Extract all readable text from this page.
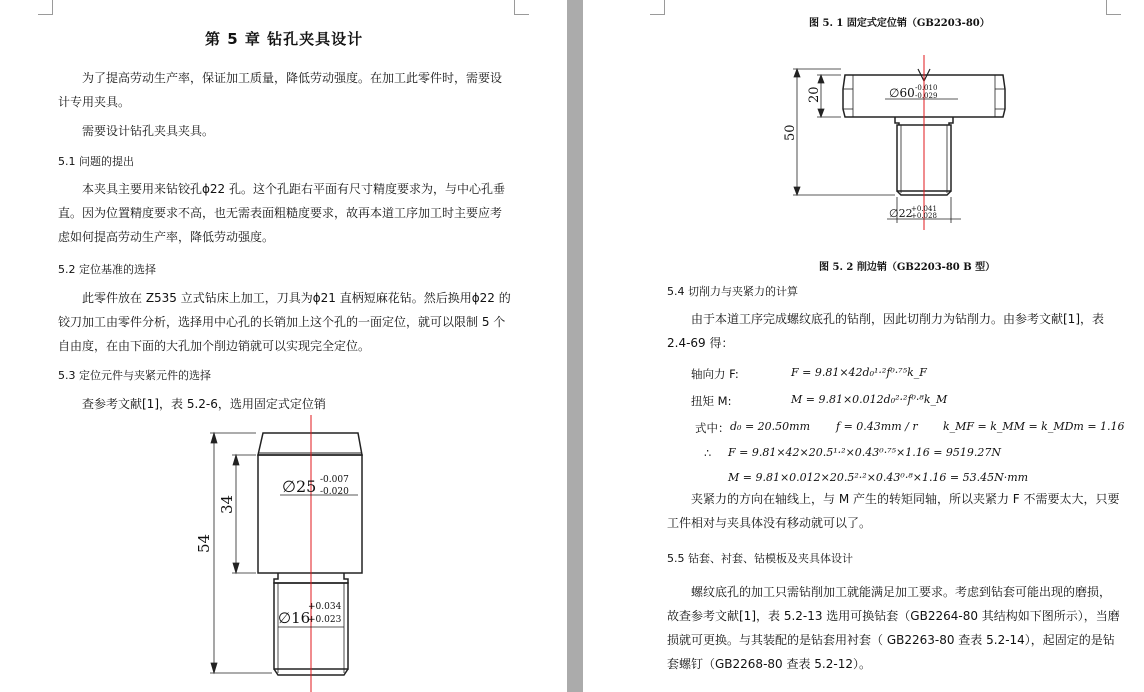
第 5 章 钻孔夹具设计
为了提高劳动生产率，保证加工质量，降低劳动强度。在加工此零件时，需要设计专用夹具。
需要设计钻孔夹具夹具。
5.1 问题的提出
本夹具主要用来钻铰孔ϕ22 孔。这个孔距右平面有尺寸精度要求为，与中心孔垂直。因为位置精度要求不高，也无需表面粗糙度要求，故再本道工序加工时主要应考虑如何提高劳动生产率，降低劳动强度。
5.2 定位基准的选择
此零件放在 Z535 立式钻床上加工，刀具为ϕ21 直柄短麻花钻。然后换用ϕ22 的铰刀加工由零件分析，选择用中心孔的长销加上这个孔的一面定位，就可以限制 5 个自由度，在由下面的大孔加个削边销就可以实现完全定位。
5.3 定位元件与夹紧元件的选择
查参考文献[1]，表 5.2-6，选用固定式定位销
54
34
∅25 -0.007
-0.020
∅16
+0.034
+0.023
图 5. 1 固定式定位销（GB2203-80）
50
20	∅60 -0.010
-0.029
∅22
+0.041
+0.028
图 5. 2 削边销（GB2203-80 B 型）
5.4 切削力与夹紧力的计算
由于本道工序完成螺纹底孔的钻削，因此切削力为钻削力。由参考文献[1]，表 2.4-69 得：
轴向力 F:	F = 9.81×42d₀¹·²f⁰·⁷⁵k_F
扭矩 M:	M = 9.81×0.012d₀²·²f⁰·⁸k_M
式中： d₀ = 20.50mm f = 0.43mm / r k_MF = k_MM = k_MDm = 1.16
∴ F = 9.81×42×20.5¹·²×0.43⁰·⁷⁵×1.16 = 9519.27N
M = 9.81×0.012×20.5²·²×0.43⁰·⁸×1.16 = 53.45N·mm
夹紧力的方向在轴线上，与 M 产生的转矩同轴，所以夹紧力 F 不需要太大，只要工件相对与夹具体没有移动就可以了。
5.5 钻套、衬套、钻模板及夹具体设计
螺纹底孔的加工只需钻削加工就能满足加工要求。考虑到钻套可能出现的磨损，故查参考文献[1]，表 5.2-13 选用可换钻套（GB2264-80 其结构如下图所示），当磨损就可更换。与其装配的是钻套用衬套（ GB2263-80 查表 5.2-14），起固定的是钻套螺钉（GB2268-80 查表 5.2-12）。
